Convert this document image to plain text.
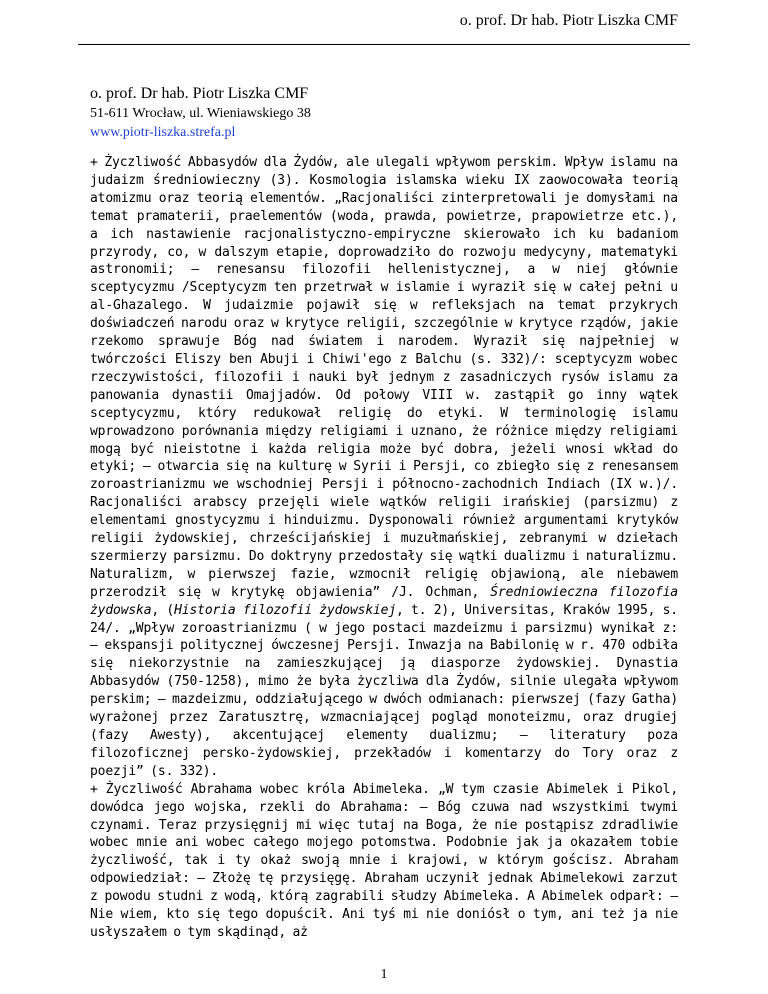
o. prof. Dr hab. Piotr Liszka CMF
o. prof. Dr hab. Piotr Liszka CMF
51-611 Wrocław, ul. Wieniawskiego 38
www.piotr-liszka.strefa.pl

+ Życzliwość Abbasydów dla Żydów, ale ulegali wpływom perskim. Wpływ islamu na judaizm średniowieczny (3). Kosmologia islamska wieku IX zaowocowała teorią atomizmu oraz teorią elementów. „Racjonaliści zinterpretowali je domysłami na temat pramaterii, praelementów (woda, prawda, powietrze, prapowietrze etc.), a ich nastawienie racjonalistyczno-empiryczne skierowało ich ku badaniom przyrody, co, w dalszym etapie, doprowadziło do rozwoju medycyny, matematyki astronomii; – renesansu filozofii hellenistycznej, a w niej głównie sceptycyzmu /Sceptycyzm ten przetrwał w islamie i wyraził się w całej pełni u al-Ghazalego. W judaizmie pojawił się w refleksjach na temat przykrych doświadczeń narodu oraz w krytyce religii, szczególnie w krytyce rządów, jakie rzekomo sprawuje Bóg nad światem i narodem. Wyraził się najpełniej w twórczości Eliszy ben Abuji i Chiwi'ego z Balchu (s. 332)/: sceptycyzm wobec rzeczywistości, filozofii i nauki był jednym z zasadniczych rysów islamu za panowania dynastii Omajjadów. Od połowy VIII w. zastąpił go inny wątek sceptycyzmu, który redukował religię do etyki. W terminologię islamu wprowadzono porównania między religiami i uznano, że różnice między religiami mogą być nieistotne i każda religia może być dobra, jeżeli wnosi wkład do etyki; – otwarcia się na kulturę w Syrii i Persji, co zbiegło się z renesansem zoroastrianizmu we wschodniej Persji i północno-zachodnich Indiach (IX w.)/. Racjonaliści arabscy przejęli wiele wątków religii irańskiej (parsizmu) z elementami gnostycyzmu i hinduizmu. Dysponowali również argumentami krytyków religii żydowskiej, chrześcijańskiej i muzułmańskiej, zebranymi w dziełach szermierzy parsizmu. Do doktryny przedostały się wątki dualizmu i naturalizmu. Naturalizm, w pierwszej fazie, wzmocnił religię objawioną, ale niebawem przerodził się w krytykę objawienia” /J. Ochman, Średniowieczna filozofia żydowska, (Historia filozofii żydowskiej, t. 2), Universitas, Kraków 1995, s. 24/. „Wpływ zoroastrianizmu ( w jego postaci mazdeizmu i parsizmu) wynikał z: – ekspansji politycznej ówczesnej Persji. Inwazja na Babilonię w r. 470 odbiła się niekorzystnie na zamieszkującej ją diasporze żydowskiej. Dynastia Abbasydów (750-1258), mimo że była życzliwa dla Żydów, silnie ulegała wpływom perskim; – mazdeizmu, oddziałującego w dwóch odmianach: pierwszej (fazy Gatha) wyrażonej przez Zaratusztrę, wzmacniającej pogląd monoteizmu, oraz drugiej (fazy Awesty), akcentującej elementy dualizmu; – literatury poza filozoficznej persko-żydowskiej, przekładów i komentarzy do Tory oraz z poezji” (s. 332).

+ Życzliwość Abrahama wobec króla Abimeleka. „W tym czasie Abimelek i Pikol, dowódca jego wojska, rzekli do Abrahama: — Bóg czuwa nad wszystkimi twymi czynami. Teraz przysięgnij mi więc tutaj na Boga, że nie postąpisz zdradliwie wobec mnie ani wobec całego mojego potomstwa. Podobnie jak ja okazałem tobie życzliwość, tak i ty okaż swoją mnie i krajowi, w którym gościsz. Abraham odpowiedział: — Złożę tę przysięgę. Abraham uczynił jednak Abimelekowi zarzut z powodu studni z wodą, którą zagrabili słudzy Abimeleka. A Abimelek odparł: – Nie wiem, kto się tego dopuścił. Ani tyś mi nie doniósł o tym, ani też ja nie usłyszałem o tym skądinąd, aż

1
